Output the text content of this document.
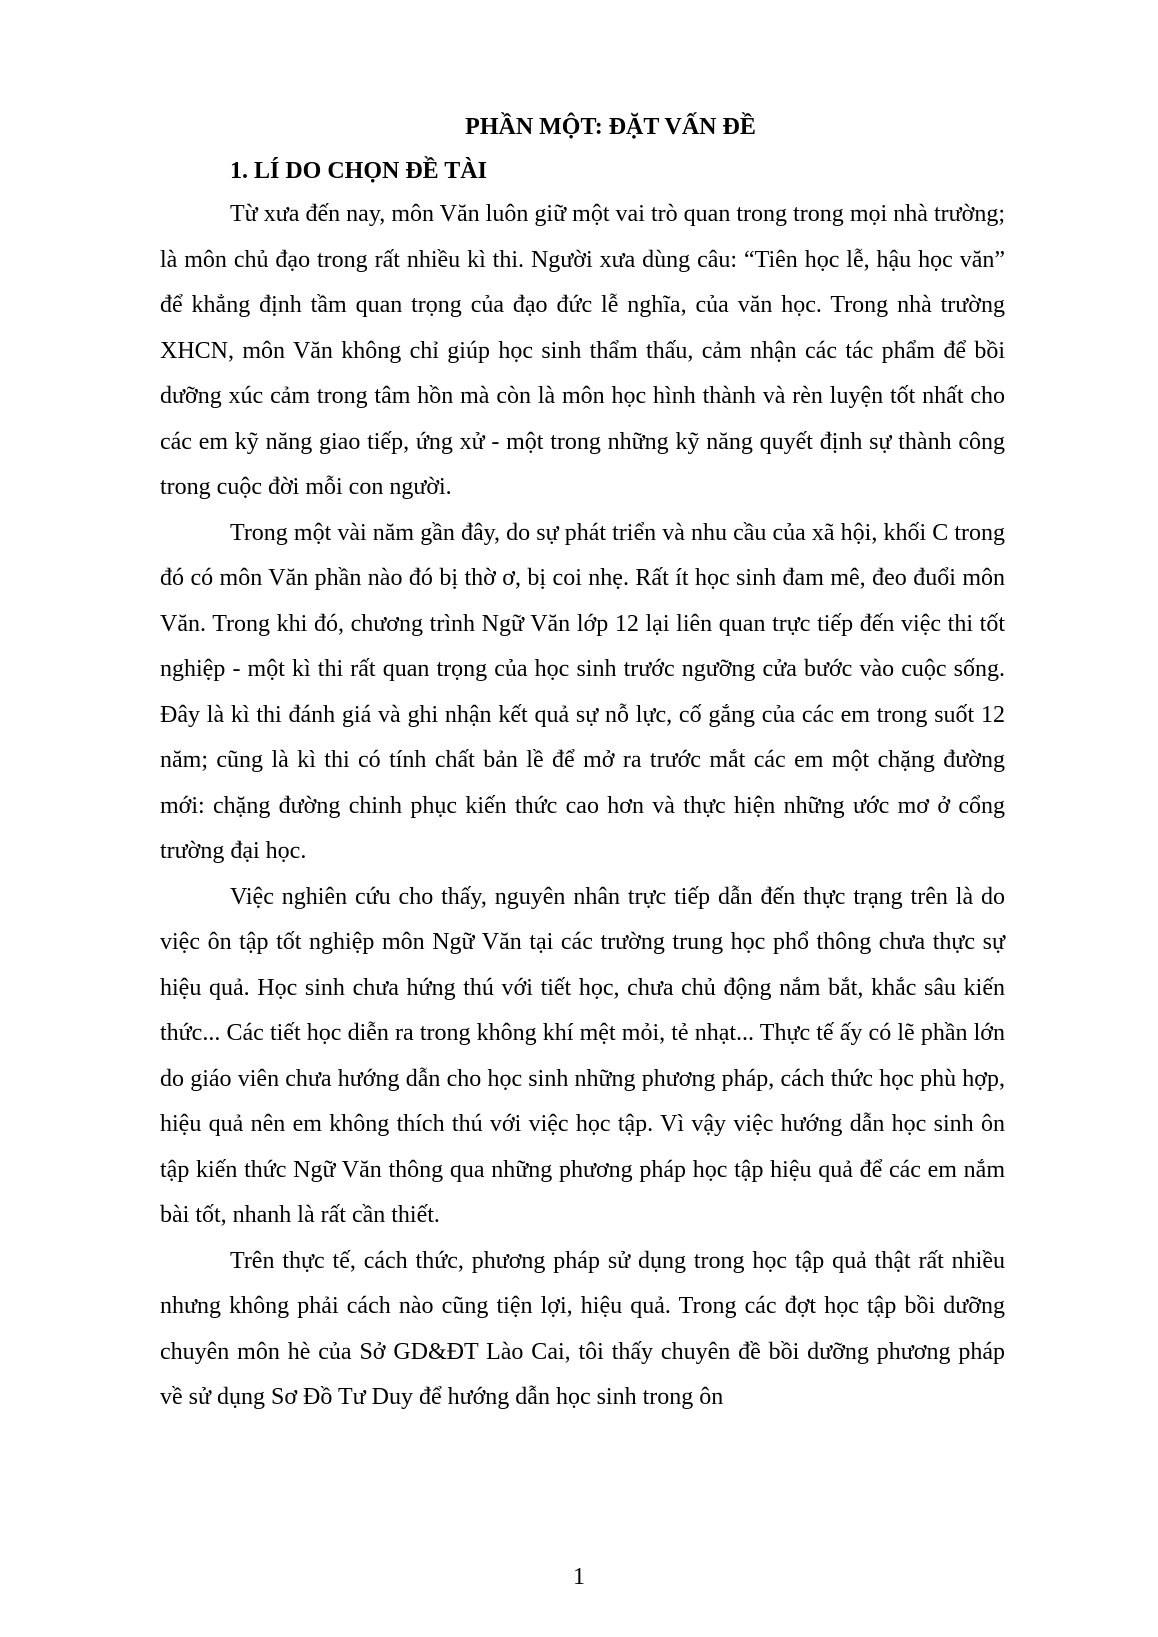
PHẦN MỘT: ĐẶT VẤN ĐỀ
1. LÍ DO CHỌN ĐỀ TÀI

Từ xưa đến nay, môn Văn luôn giữ một vai trò quan trong trong mọi nhà trường; là môn chủ đạo trong rất nhiều kì thi. Người xưa dùng câu: “Tiên học lễ, hậu học văn” để khẳng định tầm quan trọng của đạo đức lễ nghĩa, của văn học. Trong nhà trường XHCN, môn Văn không chỉ giúp học sinh thẩm thấu, cảm nhận các tác phẩm để bồi dưỡng xúc cảm trong tâm hồn mà còn là môn học hình thành và rèn luyện tốt nhất cho các em kỹ năng giao tiếp, ứng xử - một trong những kỹ năng quyết định sự thành công trong cuộc đời mỗi con người.

Trong một vài năm gần đây, do sự phát triển và nhu cầu của xã hội, khối C trong đó có môn Văn phần nào đó bị thờ ơ, bị coi nhẹ. Rất ít học sinh đam mê, đeo đuổi môn Văn. Trong khi đó, chương trình Ngữ Văn lớp 12 lại liên quan trực tiếp đến việc thi tốt nghiệp - một kì thi rất quan trọng của học sinh trước ngưỡng cửa bước vào cuộc sống. Đây là kì thi đánh giá và ghi nhận kết quả sự nỗ lực, cố gắng của các em trong suốt 12 năm; cũng là kì thi có tính chất bản lề để mở ra trước mắt các em một chặng đường mới: chặng đường chinh phục kiến thức cao hơn và thực hiện những ước mơ ở cổng trường đại học.

Việc nghiên cứu cho thấy, nguyên nhân trực tiếp dẫn đến thực trạng trên là do việc ôn tập tốt nghiệp môn Ngữ Văn tại các trường trung học phổ thông chưa thực sự hiệu quả. Học sinh chưa hứng thú với tiết học, chưa chủ động nắm bắt, khắc sâu kiến thức... Các tiết học diễn ra trong không khí mệt mỏi, tẻ nhạt... Thực tế ấy có lẽ phần lớn do giáo viên chưa hướng dẫn cho học sinh những phương pháp, cách thức học phù hợp, hiệu quả nên em không thích thú với việc học tập. Vì vậy việc hướng dẫn học sinh ôn tập kiến thức Ngữ Văn thông qua những phương pháp học tập hiệu quả để các em nắm bài tốt, nhanh là rất cần thiết.

Trên thực tế, cách thức, phương pháp sử dụng trong học tập quả thật rất nhiều nhưng không phải cách nào cũng tiện lợi, hiệu quả. Trong các đợt học tập bồi dưỡng chuyên môn hè của Sở GD&ĐT Lào Cai, tôi thấy chuyên đề bồi dưỡng phương pháp về sử dụng Sơ Đồ Tư Duy để hướng dẫn học sinh trong ôn

1
